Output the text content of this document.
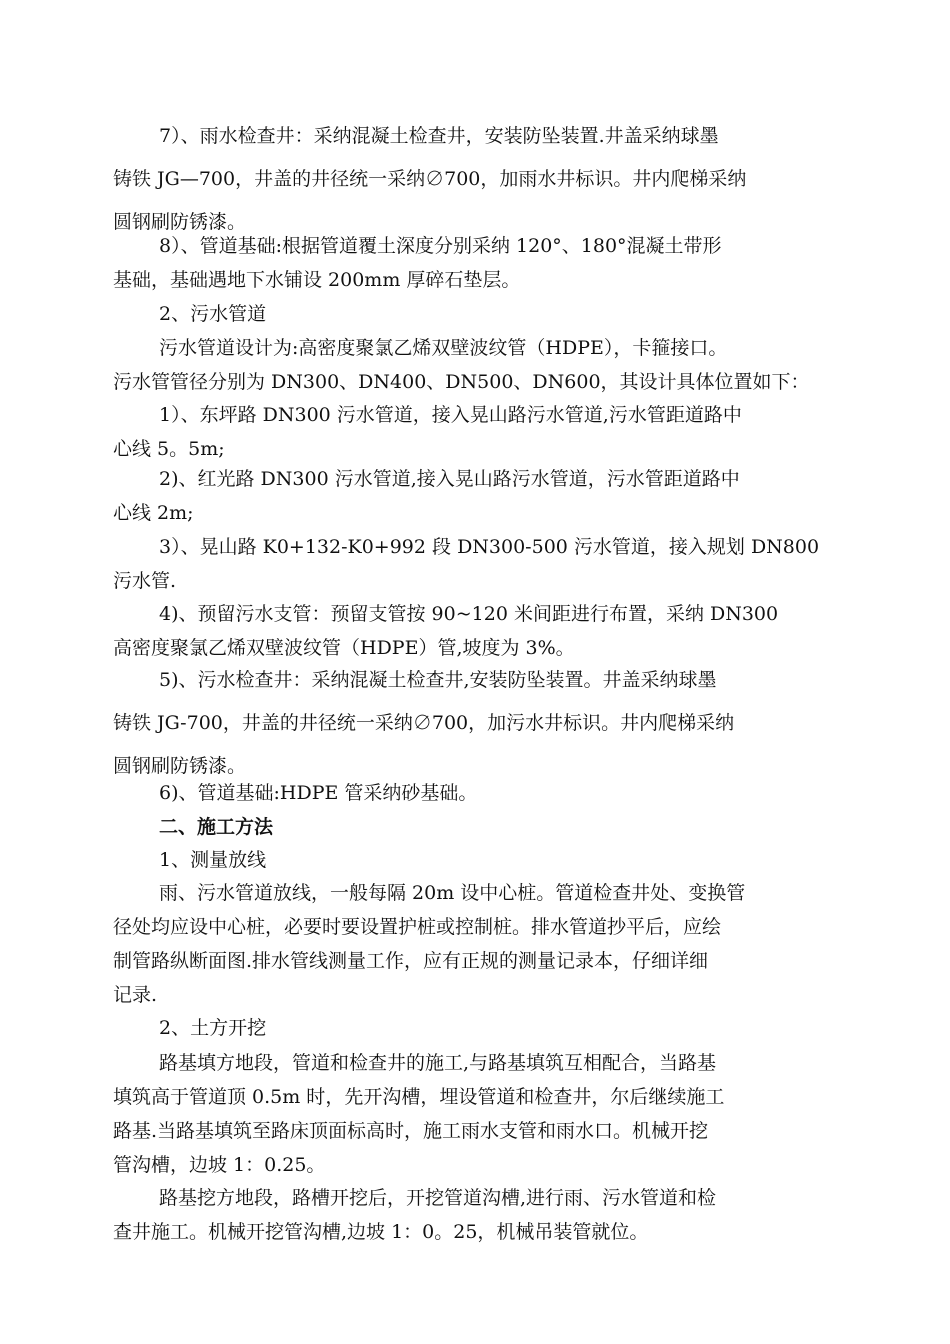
7）、雨水检查井：采纳混凝土检查井，安装防坠装置.井盖采纳球墨
铸铁 JG—700，井盖的井径统一采纳∅700，加雨水井标识。井内爬梯采纳
圆钢刷防锈漆。

8）、管道基础:根据管道覆土深度分别采纳 120°、180°混凝土带形
基础，基础遇地下水铺设 200mm 厚碎石垫层。

2、污水管道

污水管道设计为:高密度聚氯乙烯双壁波纹管（HDPE），卡箍接口。
污水管管径分别为 DN300、DN400、DN500、DN600，其设计具体位置如下：

1）、东坪路 DN300 污水管道，接入晃山路污水管道,污水管距道路中
心线 5。5m;

2)、红光路 DN300 污水管道,接入晃山路污水管道，污水管距道路中
心线 2m;

3）、晃山路 K0+132-K0+992 段 DN300-500 污水管道，接入规划 DN800
污水管.

4)、预留污水支管：预留支管按 90~120 米间距进行布置，采纳 DN300
高密度聚氯乙烯双壁波纹管（HDPE）管,坡度为 3%。

5)、污水检查井：采纳混凝土检查井,安装防坠装置。井盖采纳球墨
铸铁 JG-700，井盖的井径统一采纳∅700，加污水井标识。井内爬梯采纳
圆钢刷防锈漆。

6)、管道基础:HDPE 管采纳砂基础。

二、施工方法

1、测量放线

雨、污水管道放线，一般每隔 20m 设中心桩。管道检查井处、变换管
径处均应设中心桩，必要时要设置护桩或控制桩。排水管道抄平后，应绘
制管路纵断面图.排水管线测量工作，应有正规的测量记录本，仔细详细
记录.

2、土方开挖

路基填方地段，管道和检查井的施工,与路基填筑互相配合，当路基
填筑高于管道顶 0.5m 时，先开沟槽，埋设管道和检查井，尔后继续施工
路基.当路基填筑至路床顶面标高时，施工雨水支管和雨水口。机械开挖
管沟槽，边坡 1：0.25。

路基挖方地段，路槽开挖后，开挖管道沟槽,进行雨、污水管道和检
查井施工。机械开挖管沟槽,边坡 1：0。25，机械吊装管就位。
